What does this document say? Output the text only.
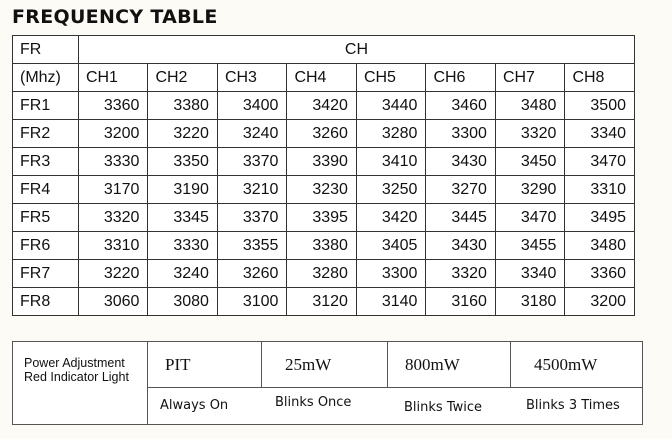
FREQUENCY TABLE
FR	CH							
(Mhz)	CH1	CH2	CH3	CH4	CH5	CH6	CH7	CH8
FR1	3360	3380	3400	3420	3440	3460	3480	3500
FR2	3200	3220	3240	3260	3280	3300	3320	3340
FR3	3330	3350	3370	3390	3410	3430	3450	3470
FR4	3170	3190	3210	3230	3250	3270	3290	3310
FR5	3320	3345	3370	3395	3420	3445	3470	3495
FR6	3310	3330	3355	3380	3405	3430	3455	3480
FR7	3220	3240	3260	3280	3300	3320	3340	3360
FR8	3060	3080	3100	3120	3140	3160	3180	3200
Power Adjustment
Red Indicator Light
PIT	25mW	800mW	4500mW
Always On	Blinks Once	Blinks Twice	Blinks 3 Times
